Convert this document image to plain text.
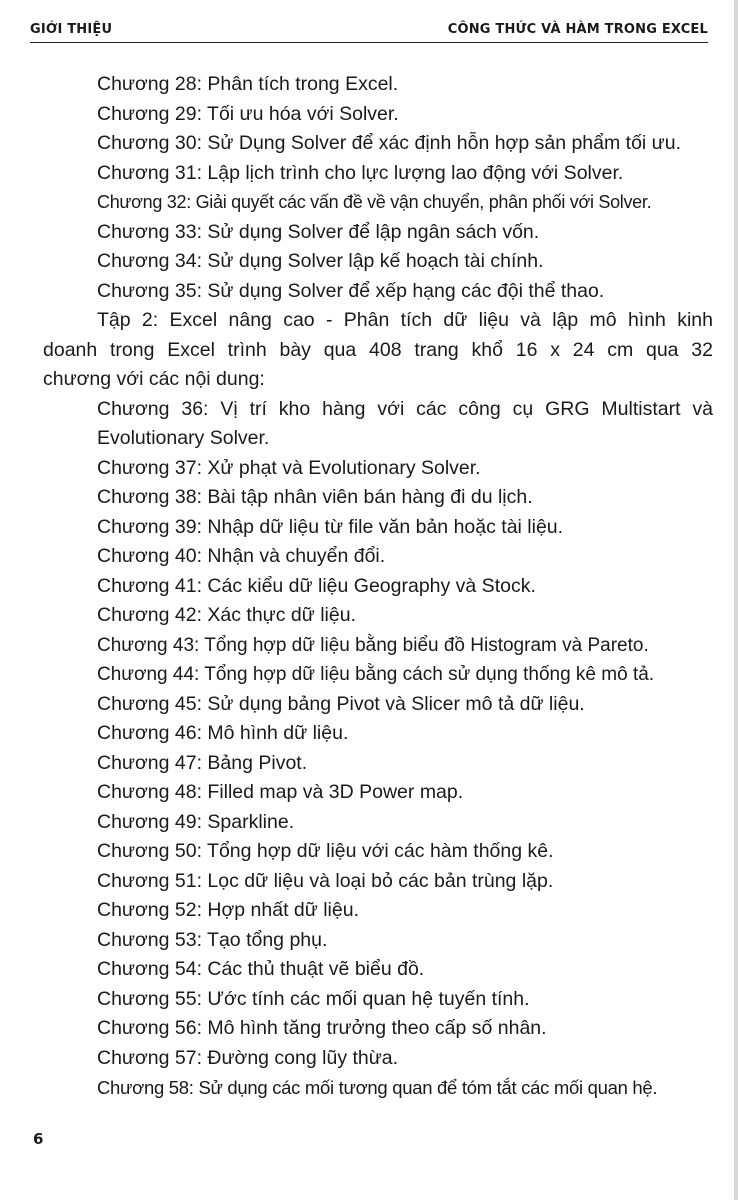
GIỚI THIỆU	CÔNG THỨC VÀ HÀM TRONG EXCEL
Chương 28: Phân tích trong Excel.
Chương 29: Tối ưu hóa với Solver.
Chương 30: Sử Dụng Solver để xác định hỗn hợp sản phẩm tối ưu.
Chương 31: Lập lịch trình cho lực lượng lao động với Solver.
Chương 32: Giải quyết các vấn đề về vận chuyển, phân phối với Solver.
Chương 33: Sử dụng Solver để lập ngân sách vốn.
Chương 34: Sử dụng Solver lập kế hoạch tài chính.
Chương 35: Sử dụng Solver để xếp hạng các đội thể thao.
Tập 2: Excel nâng cao - Phân tích dữ liệu và lập mô hình kinh
doanh trong Excel trình bày qua 408 trang khổ 16 x 24 cm qua 32
chương với các nội dung:
Chương 36: Vị trí kho hàng với các công cụ GRG Multistart và
Evolutionary Solver.
Chương 37: Xử phạt và Evolutionary Solver.
Chương 38: Bài tập nhân viên bán hàng đi du lịch.
Chương 39: Nhập dữ liệu từ file văn bản hoặc tài liệu.
Chương 40: Nhận và chuyển đổi.
Chương 41: Các kiểu dữ liệu Geography và Stock.
Chương 42: Xác thực dữ liệu.
Chương 43: Tổng hợp dữ liệu bằng biểu đồ Histogram và Pareto.
Chương 44: Tổng hợp dữ liệu bằng cách sử dụng thống kê mô tả.
Chương 45: Sử dụng bảng Pivot và Slicer mô tả dữ liệu.
Chương 46: Mô hình dữ liệu.
Chương 47: Bảng Pivot.
Chương 48: Filled map và 3D Power map.
Chương 49: Sparkline.
Chương 50: Tổng hợp dữ liệu với các hàm thống kê.
Chương 51: Lọc dữ liệu và loại bỏ các bản trùng lặp.
Chương 52: Hợp nhất dữ liệu.
Chương 53: Tạo tổng phụ.
Chương 54: Các thủ thuật vẽ biểu đồ.
Chương 55: Ước tính các mối quan hệ tuyến tính.
Chương 56: Mô hình tăng trưởng theo cấp số nhân.
Chương 57: Đường cong lũy thừa.
Chương 58: Sử dụng các mối tương quan để tóm tắt các mối quan hệ.
6
